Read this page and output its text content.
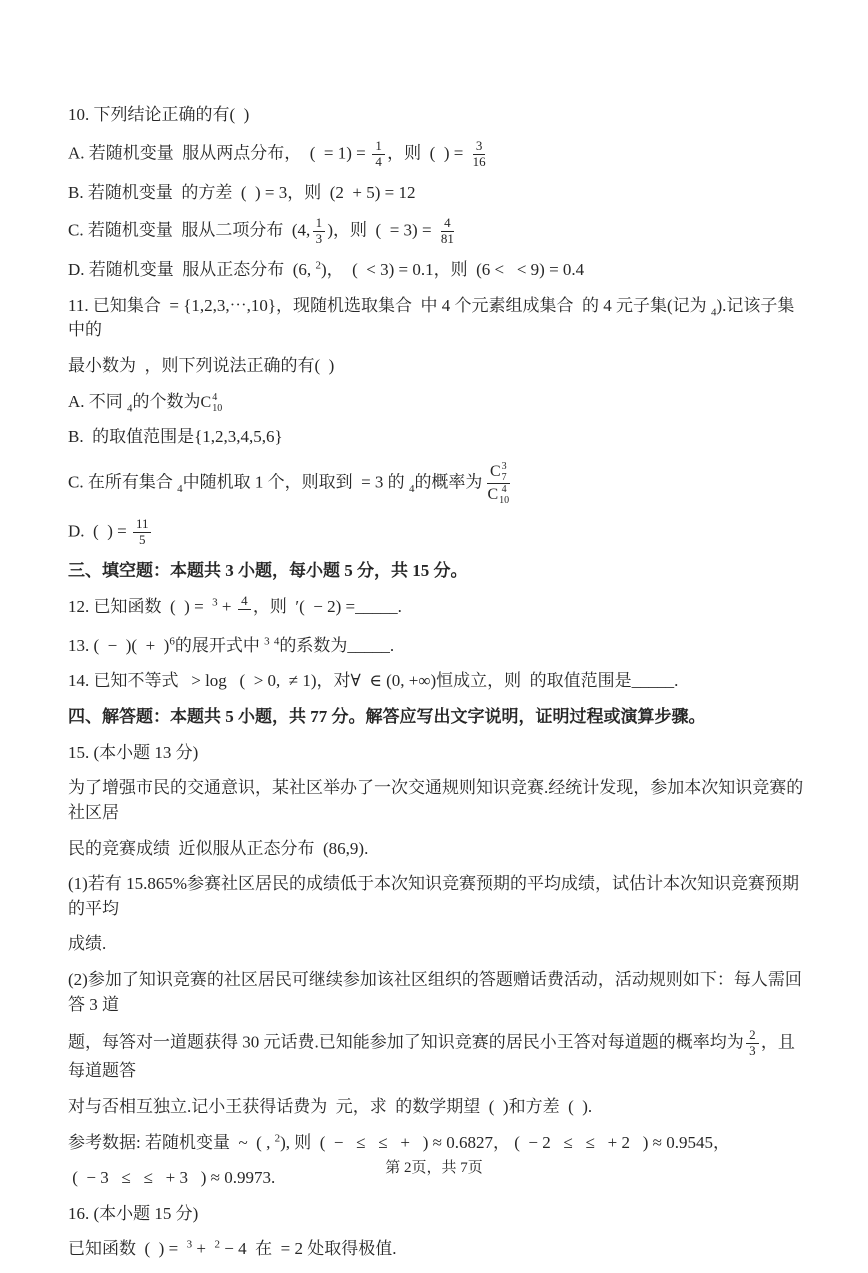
10. 下列结论正确的有(  )
A. 若随机变量  服从两点分布，  (  = $1) = \frac{1}{4}$ ，则  (  ) = $\frac{3}{16}$
B. 若随机变量  的方差  (  ) = 3，则  (2  + 5) = 12
C. 若随机变量  服从二项分布  (4, $\frac{1}{3}$ )，则  (  = $3) = \frac{4}{81}$
D. 若随机变量  服从正态分布  (6, $^2$)，  (  < 3) = 0.1，则  (6 <   < 9) = 0.4
11. 已知集合  = {1,2,3,⋯,10}，现随机选取集合  中 4 个元素组成集合  的 4 元子集(记为 $_4$).记该子集中的
最小数为  ，则下列说法正确的有(  )
A. 不同 $_4$的个数为 C 4
10
B.  的取值范围是{1,2,3,4,5,6}
C. 在所有集合 $_4$中随机取 1 个，则取到  = 3 的 $_4$的概率为 C 3
7
C 4
10
D.  (  ) = $\frac{11}{5}$
三、填空题：本题共 3 小题，每小题 5 分，共 15 分。
12. 已知函数  (  ) =  $^3$ + 4 ，则  ′(  − 2) =_____.
13. (  −  )(  +  )$^6$的展开式中 $^3$ $^4$的系数为_____.
14. 已知不等式   > log   (  > 0,  ≠ 1)，对∀  ∈ (0, +∞)恒成立，则  的取值范围是_____.
四、解答题：本题共 5 小题，共 77 分。解答应写出文字说明，证明过程或演算步骤。
15. (本小题 13 分)
为了增强市民的交通意识，某社区举办了一次交通规则知识竞赛.经统计发现，参加本次知识竞赛的社区居
民的竞赛成绩  近似服从正态分布  (86,9).
(1)若有 15.865%参赛社区居民的成绩低于本次知识竞赛预期的平均成绩，试估计本次知识竞赛预期的平均
成绩.
(2)参加了知识竞赛的社区居民可继续参加该社区组织的答题赠话费活动，活动规则如下：每人需回答 3 道
题，每答对一道题获得 30 元话费.已知能参加了知识竞赛的居民小王答对每道题的概率均为 $\frac{2}{3}$ ，且每道题答
对与否相互独立.记小王获得话费为  元，求  的数学期望  (  )和方差  (  ).
参考数据: 若随机变量  ~  ( , $^2$), 则  (  −   ≤   ≤   +   ) ≈ 0.6827， (  − 2   ≤   ≤   + 2   ) ≈ 0.9545，
(  − 3   ≤   ≤   + 3   ) ≈ 0.9973.
16. (本小题 15 分)
已知函数  (  ) =  $^3$ +  $^2$ − 4  在  = 2 处取得极值.
第 2页，共 7页
